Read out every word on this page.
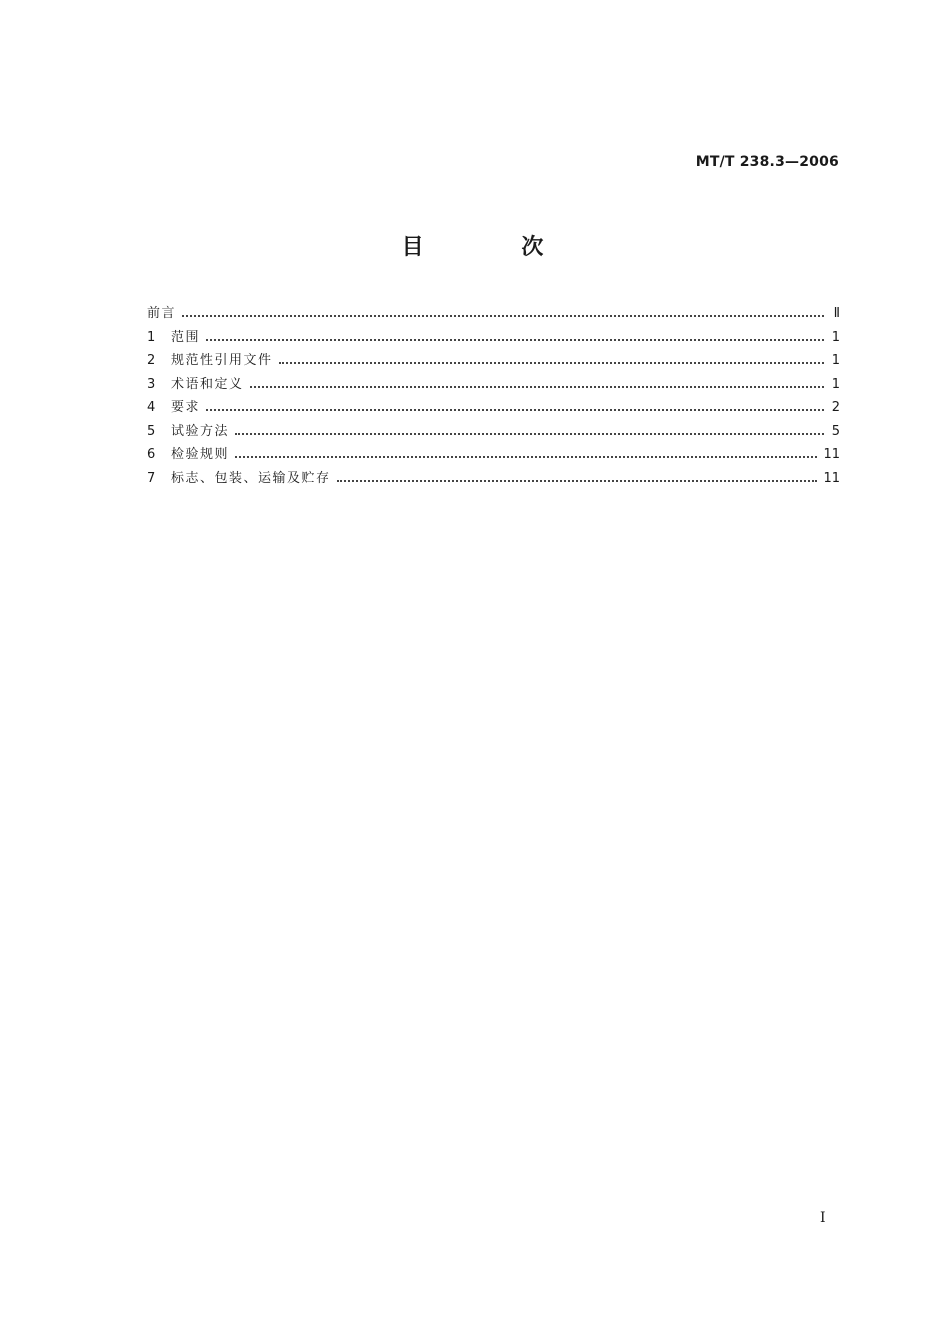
MT/T 238.3—2006
目 次
前言	Ⅱ
1	范围	1
2	规范性引用文件	1
3	术语和定义	1
4	要求	2
5	试验方法	5
6	检验规则	11
7	标志、包装、运输及贮存	11
I
